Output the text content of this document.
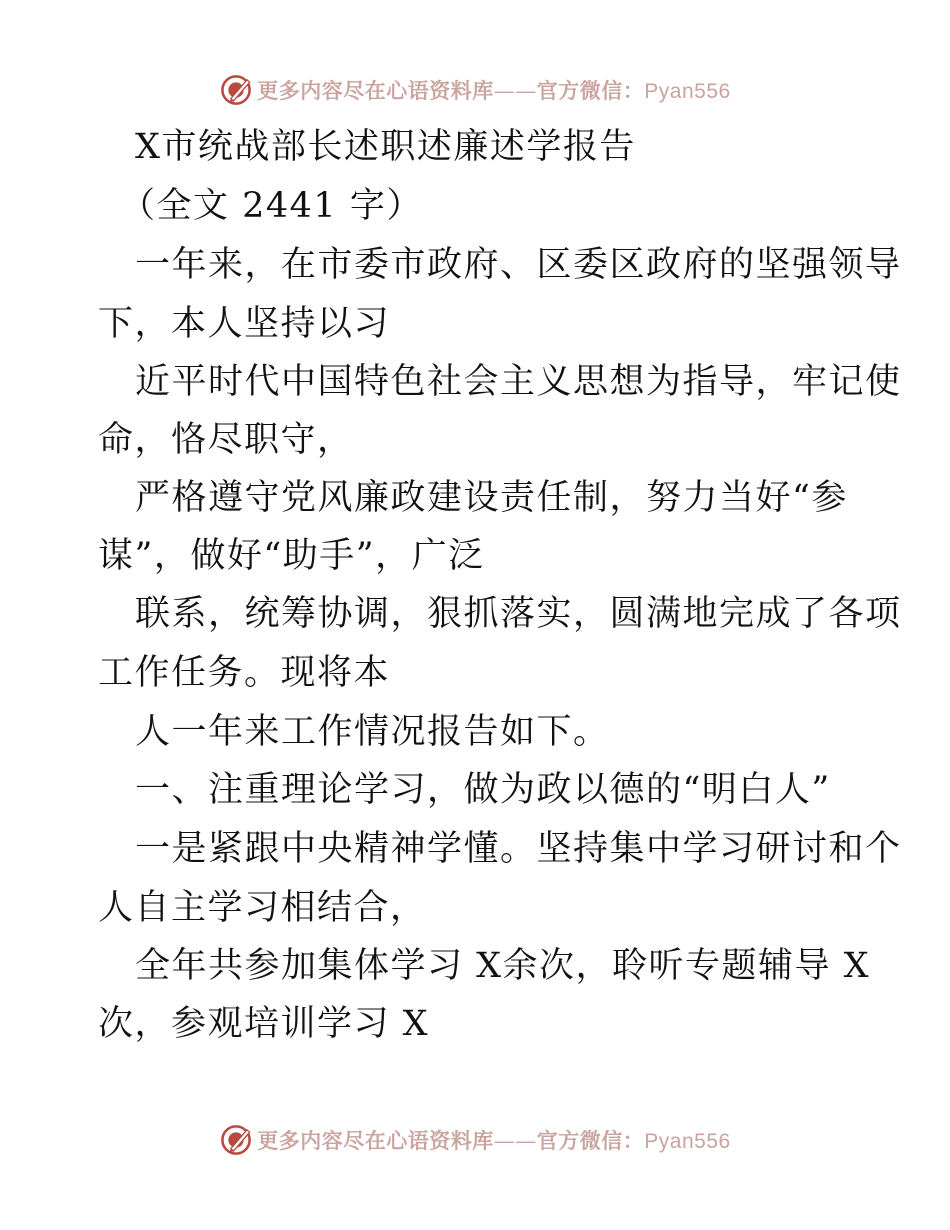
更多内容尽在心语资料库——官方微信：Pyan556
X市统战部长述职述廉述学报告
（全文 2441 字）
一年来，在市委市政府、区委区政府的坚强领导
下，本人坚持以习
近平时代中国特色社会主义思想为指导，牢记使
命，恪尽职守，
严格遵守党风廉政建设责任制，努力当好“参
谋”，做好“助手”，广泛
联系，统筹协调，狠抓落实，圆满地完成了各项
工作任务。现将本
人一年来工作情况报告如下。
一、注重理论学习，做为政以德的“明白人”
一是紧跟中央精神学懂。坚持集中学习研讨和个
人自主学习相结合，
全年共参加集体学习 X余次，聆听专题辅导 X
次，参观培训学习 X
更多内容尽在心语资料库——官方微信：Pyan556
